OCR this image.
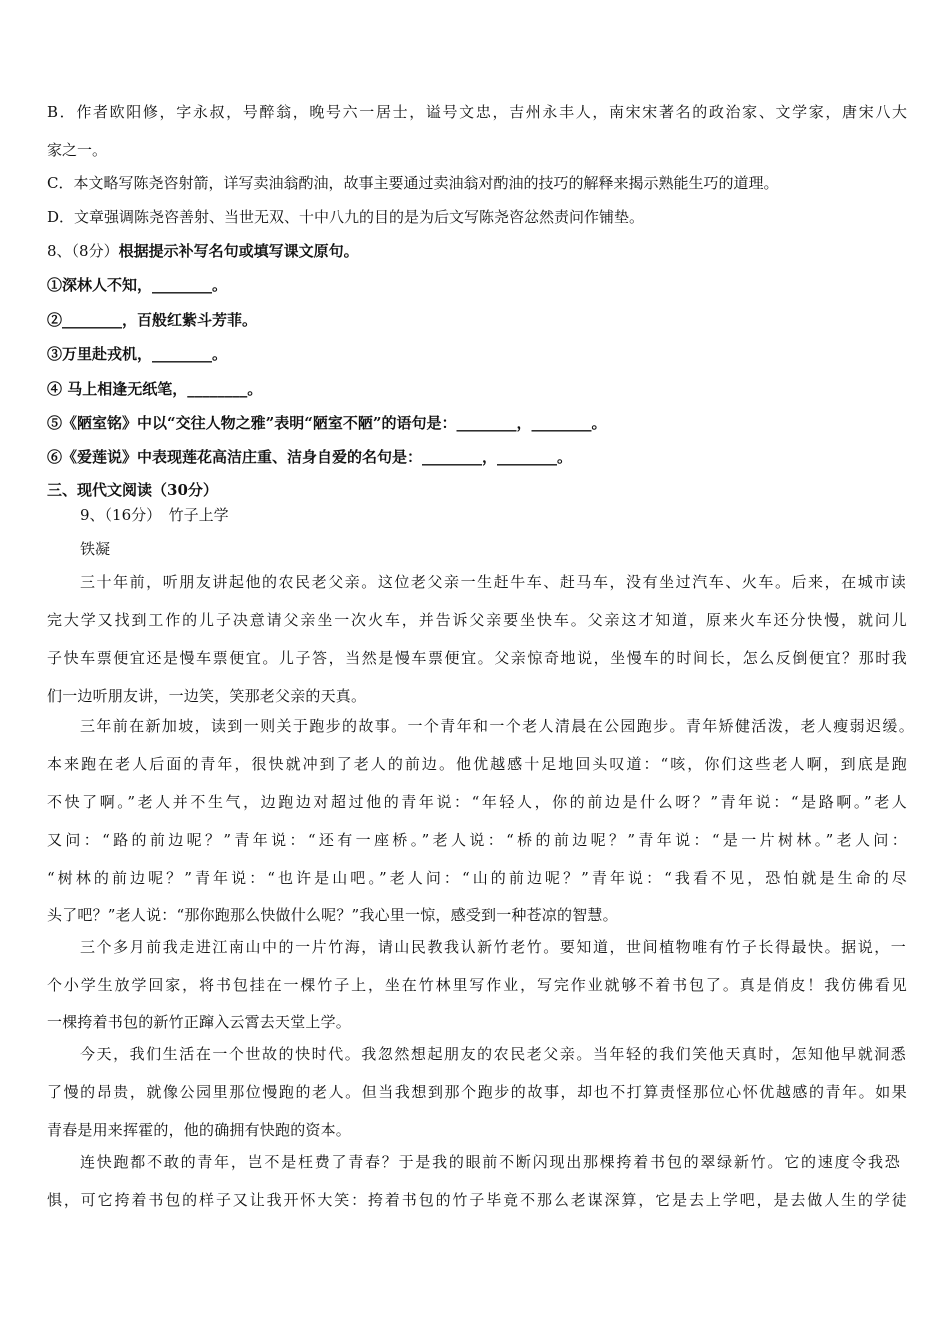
B．作者欧阳修，字永叔，号醉翁，晚号六一居士，谥号文忠，吉州永丰人，南宋宋著名的政治家、文学家，唐宋八大
家之一。
C．本文略写陈尧咨射箭，详写卖油翁酌油，故事主要通过卖油翁对酌油的技巧的解释来揭示熟能生巧的道理。
D．文章强调陈尧咨善射、当世无双、十中八九的目的是为后文写陈尧咨忿然责问作铺垫。
8、（8分）根据提示补写名句或填写课文原句。
①深林人不知，________。
②________，百般红紫斗芳菲。
③万里赴戎机，________。
④ 马上相逢无纸笔，________。
⑤《陋室铭》中以“交往人物之雅”表明“陋室不陋”的语句是：________，________。
⑥《爱莲说》中表现莲花高洁庄重、洁身自爱的名句是：________，________。
三、现代文阅读（30分）
9、（16分）　竹子上学
铁凝
三十年前，听朋友讲起他的农民老父亲。这位老父亲一生赶牛车、赶马车，没有坐过汽车、火车。后来，在城市读
完大学又找到工作的儿子决意请父亲坐一次火车，并告诉父亲要坐快车。父亲这才知道，原来火车还分快慢，就问儿
子快车票便宜还是慢车票便宜。儿子答，当然是慢车票便宜。父亲惊奇地说，坐慢车的时间长，怎么反倒便宜？那时我
们一边听朋友讲，一边笑，笑那老父亲的天真。
三年前在新加坡，读到一则关于跑步的故事。一个青年和一个老人清晨在公园跑步。青年矫健活泼，老人瘦弱迟缓。
本来跑在老人后面的青年，很快就冲到了老人的前边。他优越感十足地回头叹道：“咳，你们这些老人啊，到底是跑
不快了啊。”老人并不生气，边跑边对超过他的青年说：“年轻人，你的前边是什么呀？”青年说：“是路啊。”老人
又问：“路的前边呢？”青年说：“还有一座桥。”老人说：“桥的前边呢？”青年说：“是一片树林。”老人问：
“树林的前边呢？”青年说：“也许是山吧。”老人问：“山的前边呢？”青年说：“我看不见，恐怕就是生命的尽
头了吧？”老人说：“那你跑那么快做什么呢？”我心里一惊，感受到一种苍凉的智慧。
三个多月前我走进江南山中的一片竹海，请山民教我认新竹老竹。要知道，世间植物唯有竹子长得最快。据说，一
个小学生放学回家，将书包挂在一棵竹子上，坐在竹林里写作业，写完作业就够不着书包了。真是俏皮！我仿佛看见
一棵挎着书包的新竹正蹿入云霄去天堂上学。
今天，我们生活在一个世故的快时代。我忽然想起朋友的农民老父亲。当年轻的我们笑他天真时，怎知他早就洞悉
了慢的昂贵，就像公园里那位慢跑的老人。但当我想到那个跑步的故事，却也不打算责怪那位心怀优越感的青年。如果
青春是用来挥霍的，他的确拥有快跑的资本。
连快跑都不敢的青年，岂不是枉费了青春？于是我的眼前不断闪现出那棵挎着书包的翠绿新竹。它的速度令我恐
惧，可它挎着书包的样子又让我开怀大笑：挎着书包的竹子毕竟不那么老谋深算，它是去上学吧，是去做人生的学徒
